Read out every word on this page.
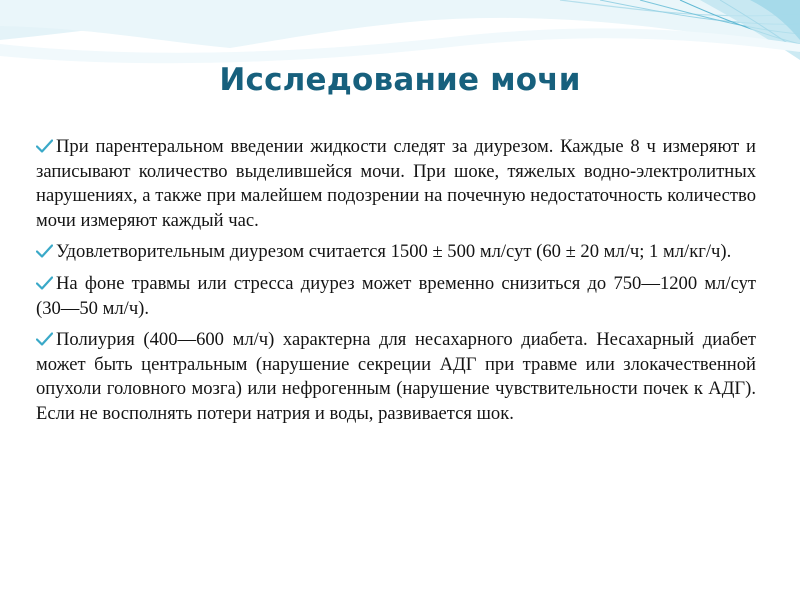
Исследование мочи

При парентеральном введении жидкости следят за диурезом. Каждые 8 ч измеряют и записывают количество выделившейся мочи. При шоке, тяжелых водно-электролитных нарушениях, а также при малейшем подозрении на почечную недостаточность количество мочи измеряют каждый час.

Удовлетворительным диурезом считается 1500 ± 500 мл/сут (60 ± 20 мл/ч; 1 мл/кг/ч).

На фоне травмы или стресса диурез может временно снизиться до 750—1200 мл/сут (30—50 мл/ч).

Полиурия (400—600 мл/ч) характерна для несахарного диабета. Несахарный диабет может быть центральным (нарушение секреции АДГ при травме или злокачественной опухоли головного мозга) или нефрогенным (нарушение чувствительности почек к АДГ). Если не восполнять потери натрия и воды, развивается шок.
